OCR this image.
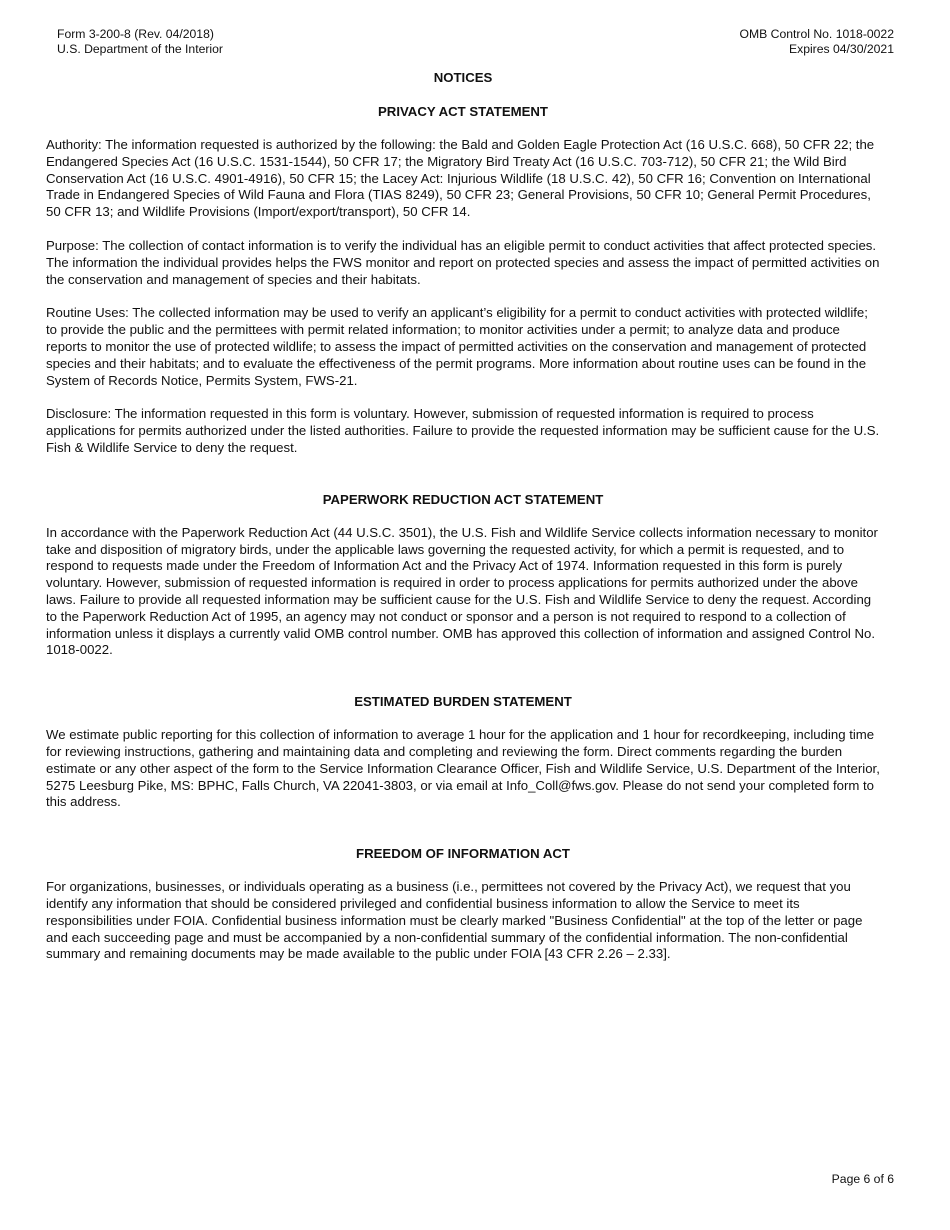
Form 3-200-8 (Rev. 04/2018)
U.S. Department of the Interior
OMB Control No. 1018-0022
Expires 04/30/2021
NOTICES
PRIVACY ACT STATEMENT

Authority: The information requested is authorized by the following: the Bald and Golden Eagle Protection Act (16 U.S.C. 668), 50 CFR 22; the Endangered Species Act (16 U.S.C. 1531-1544), 50 CFR 17; the Migratory Bird Treaty Act (16 U.S.C. 703-712), 50 CFR 21; the Wild Bird Conservation Act (16 U.S.C. 4901-4916), 50 CFR 15; the Lacey Act: Injurious Wildlife (18 U.S.C. 42), 50 CFR 16; Convention on International Trade in Endangered Species of Wild Fauna and Flora (TIAS 8249), 50 CFR 23; General Provisions, 50 CFR 10; General Permit Procedures, 50 CFR 13; and Wildlife Provisions (Import/export/transport), 50 CFR 14.

Purpose: The collection of contact information is to verify the individual has an eligible permit to conduct activities that affect protected species. The information the individual provides helps the FWS monitor and report on protected species and assess the impact of permitted activities on the conservation and management of species and their habitats.

Routine Uses: The collected information may be used to verify an applicant’s eligibility for a permit to conduct activities with protected wildlife; to provide the public and the permittees with permit related information; to monitor activities under a permit; to analyze data and produce reports to monitor the use of protected wildlife; to assess the impact of permitted activities on the conservation and management of protected species and their habitats; and to evaluate the effectiveness of the permit programs. More information about routine uses can be found in the System of Records Notice, Permits System, FWS-21.

Disclosure: The information requested in this form is voluntary. However, submission of requested information is required to process applications for permits authorized under the listed authorities. Failure to provide the requested information may be sufficient cause for the U.S. Fish & Wildlife Service to deny the request.

PAPERWORK REDUCTION ACT STATEMENT

In accordance with the Paperwork Reduction Act (44 U.S.C. 3501), the U.S. Fish and Wildlife Service collects information necessary to monitor take and disposition of migratory birds, under the applicable laws governing the requested activity, for which a permit is requested, and to respond to requests made under the Freedom of Information Act and the Privacy Act of 1974. Information requested in this form is purely voluntary. However, submission of requested information is required in order to process applications for permits authorized under the above laws. Failure to provide all requested information may be sufficient cause for the U.S. Fish and Wildlife Service to deny the request. According to the Paperwork Reduction Act of 1995, an agency may not conduct or sponsor and a person is not required to respond to a collection of information unless it displays a currently valid OMB control number. OMB has approved this collection of information and assigned Control No. 1018-0022.

ESTIMATED BURDEN STATEMENT

We estimate public reporting for this collection of information to average 1 hour for the application and 1 hour for recordkeeping, including time for reviewing instructions, gathering and maintaining data and completing and reviewing the form. Direct comments regarding the burden estimate or any other aspect of the form to the Service Information Clearance Officer, Fish and Wildlife Service, U.S. Department of the Interior, 5275 Leesburg Pike, MS: BPHC, Falls Church, VA 22041-3803, or via email at Info_Coll@fws.gov. Please do not send your completed form to this address.

FREEDOM OF INFORMATION ACT

For organizations, businesses, or individuals operating as a business (i.e., permittees not covered by the Privacy Act), we request that you identify any information that should be considered privileged and confidential business information to allow the Service to meet its responsibilities under FOIA. Confidential business information must be clearly marked "Business Confidential" at the top of the letter or page and each succeeding page and must be accompanied by a non-confidential summary of the confidential information. The non-confidential summary and remaining documents may be made available to the public under FOIA [43 CFR 2.26 – 2.33].

Page 6 of 6
